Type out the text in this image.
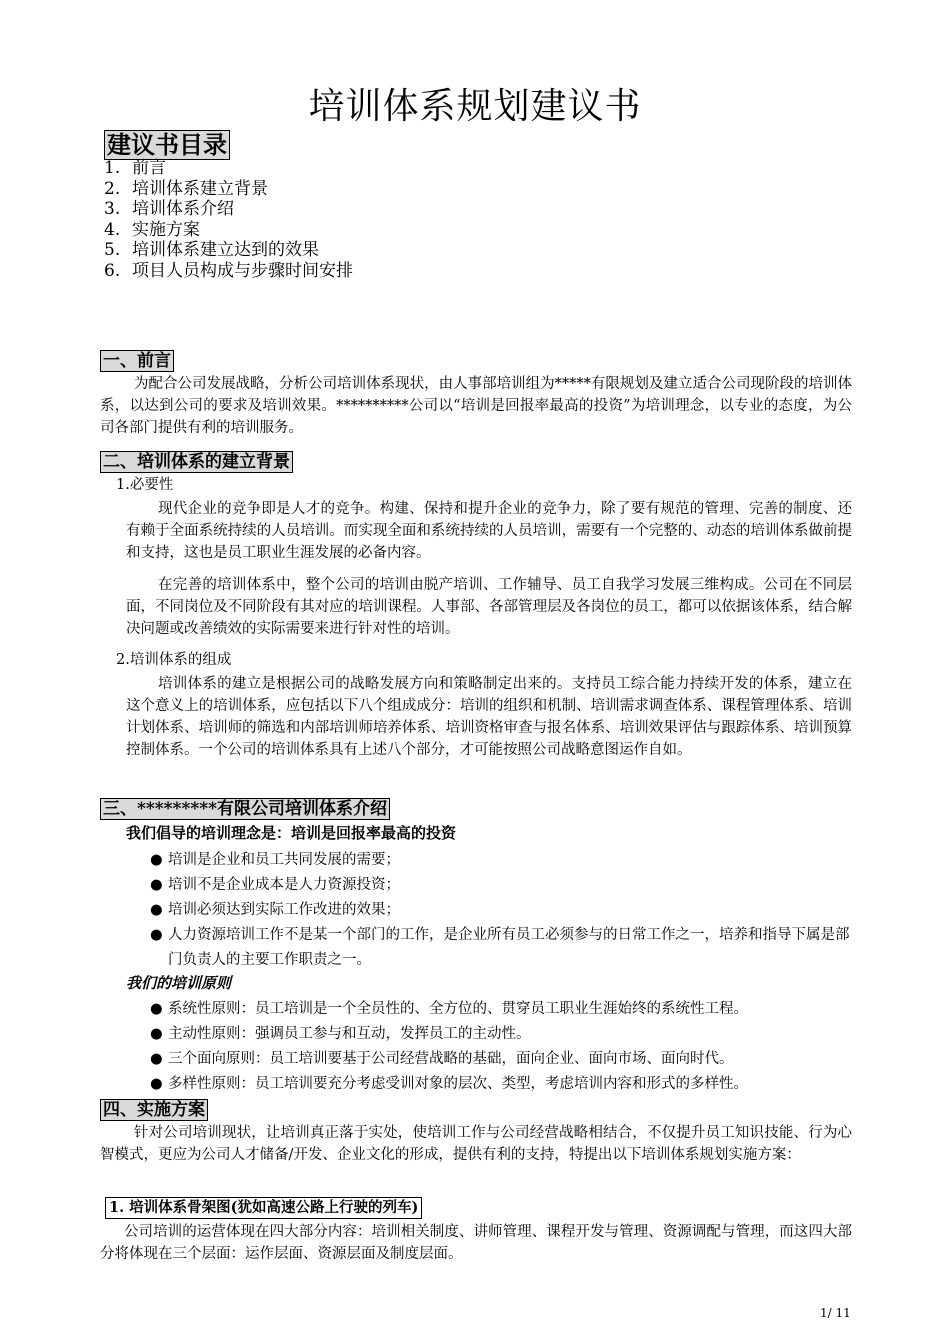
培训体系规划建议书
建议书目录
1. 前言
2. 培训体系建立背景
3. 培训体系介绍
4. 实施方案
5. 培训体系建立达到的效果
6. 项目人员构成与步骤时间安排
一、前言
为配合公司发展战略，分析公司培训体系现状，由人事部培训组为*****有限规划及建立适合公司现阶段的培训体系，以达到公司的要求及培训效果。**********公司以“培训是回报率最高的投资”为培训理念，以专业的态度，为公司各部门提供有利的培训服务。
二、培训体系的建立背景
1.必要性
现代企业的竞争即是人才的竞争。构建、保持和提升企业的竞争力，除了要有规范的管理、完善的制度、还有赖于全面系统持续的人员培训。而实现全面和系统持续的人员培训，需要有一个完整的、动态的培训体系做前提和支持，这也是员工职业生涯发展的必备内容。
在完善的培训体系中，整个公司的培训由脱产培训、工作辅导、员工自我学习发展三维构成。公司在不同层面，不同岗位及不同阶段有其对应的培训课程。人事部、各部管理层及各岗位的员工，都可以依据该体系，结合解决问题或改善绩效的实际需要来进行针对性的培训。
2.培训体系的组成
培训体系的建立是根据公司的战略发展方向和策略制定出来的。支持员工综合能力持续开发的体系，建立在这个意义上的培训体系，应包括以下八个组成成分：培训的组织和机制、培训需求调查体系、课程管理体系、培训计划体系、培训师的筛选和内部培训师培养体系、培训资格审查与报名体系、培训效果评估与跟踪体系、培训预算控制体系。一个公司的培训体系具有上述八个部分，才可能按照公司战略意图运作自如。
三、*********有限公司培训体系介绍
我们倡导的培训理念是：培训是回报率最高的投资
● 培训是企业和员工共同发展的需要；
● 培训不是企业成本是人力资源投资；
● 培训必须达到实际工作改进的效果；
● 人力资源培训工作不是某一个部门的工作，是企业所有员工必须参与的日常工作之一，培养和指导下属是部门负责人的主要工作职责之一。
我们的培训原则
● 系统性原则：员工培训是一个全员性的、全方位的、贯穿员工职业生涯始终的系统性工程。
● 主动性原则：强调员工参与和互动，发挥员工的主动性。
● 三个面向原则：员工培训要基于公司经营战略的基础，面向企业、面向市场、面向时代。
● 多样性原则：员工培训要充分考虑受训对象的层次、类型，考虑培训内容和形式的多样性。
四、实施方案
针对公司培训现状，让培训真正落于实处，使培训工作与公司经营战略相结合，不仅提升员工知识技能、行为心智模式，更应为公司人才储备/开发、企业文化的形成，提供有利的支持，特提出以下培训体系规划实施方案：
1. 培训体系骨架图(犹如高速公路上行驶的列车)
公司培训的运营体现在四大部分内容：培训相关制度、讲师管理、课程开发与管理、资源调配与管理，而这四大部分将体现在三个层面：运作层面、资源层面及制度层面。
1/ 11
